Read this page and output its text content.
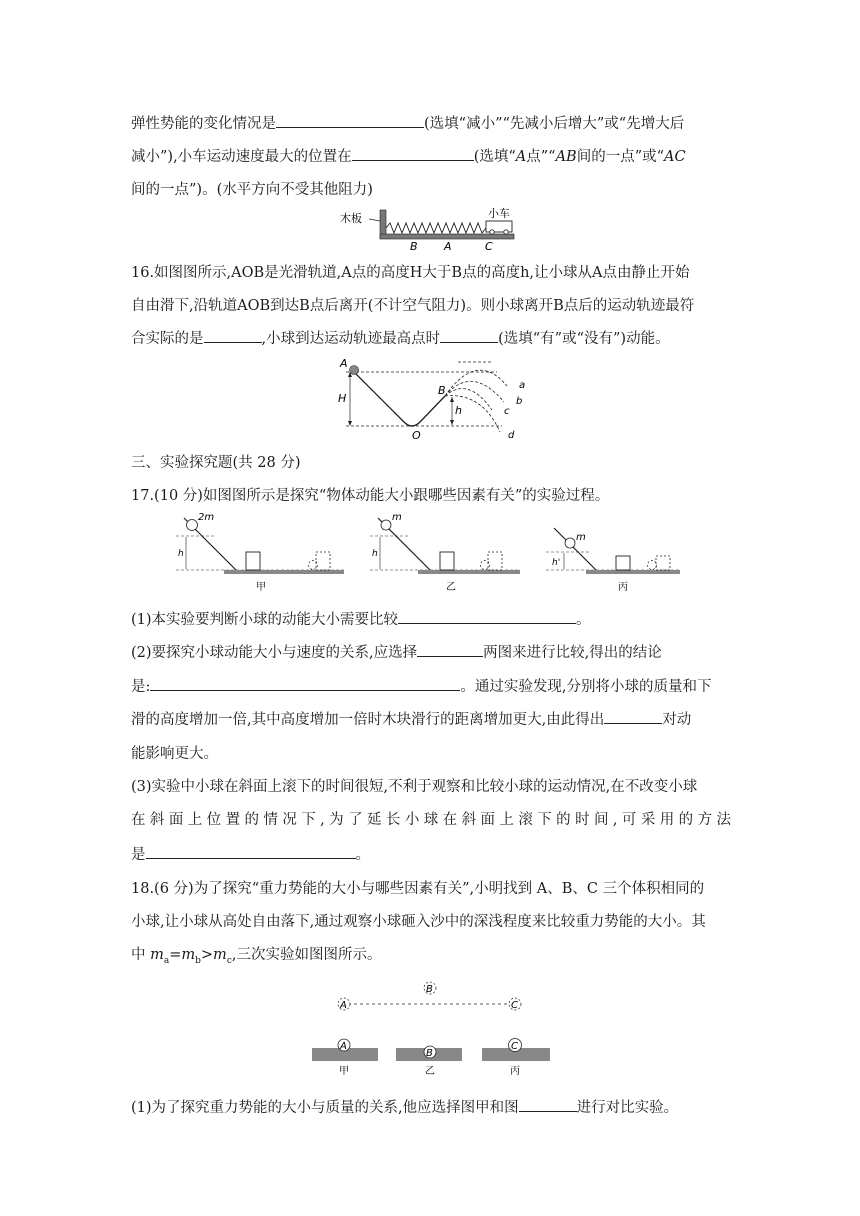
弹性势能的变化情况是	(选填“减小”“先减小后增大”或“先增大后
减小”),小车运动速度最大的位置在	(选填“A点”“AB间的一点”或“AC
间的一点”)。(水平方向不受其他阻力)
木板	小车
B A	C
16.如图图所示,AOB是光滑轨道,A点的高度H大于B点的高度h,让小球从A点由静止开始
自由滑下,沿轨道AOB到达B点后离开(不计空气阻力)。则小球离开B点后的运动轨迹最符
合实际的是	,小球到达运动轨迹最高点时	(选填“有”或“没有”)动能。
A
B
H
h
O
a
b
c
d
三、实验探究题(共 28 分)
17.(10 分)如图图所示是探究“物体动能大小跟哪些因素有关”的实验过程。
2m
h
甲
m
h
乙
m
h'
丙
(1)本实验要判断小球的动能大小需要比较	。
(2)要探究小球动能大小与速度的关系,应选择	两图来进行比较,得出的结论
是:	。通过实验发现,分别将小球的质量和下
滑的高度增加一倍,其中高度增加一倍时木块滑行的距离增加更大,由此得出	对动
能影响更大。
(3)实验中小球在斜面上滚下的时间很短,不利于观察和比较小球的运动情况,在不改变小球
在斜面上位置的情况下,为了延长小球在斜面上滚下的时间,可采用的方法
是	。
18.(6 分)为了探究“重力势能的大小与哪些因素有关”,小明找到 A、B、C 三个体积相同的
小球,让小球从高处自由落下,通过观察小球砸入沙中的深浅程度来比较重力势能的大小。其
中 $m_a=m_b>m_c$,三次实验如图图所示。
A
B
C
A
B
C
甲	乙	丙
(1)为了探究重力势能的大小与质量的关系,他应选择图甲和图	进行对比实验。
